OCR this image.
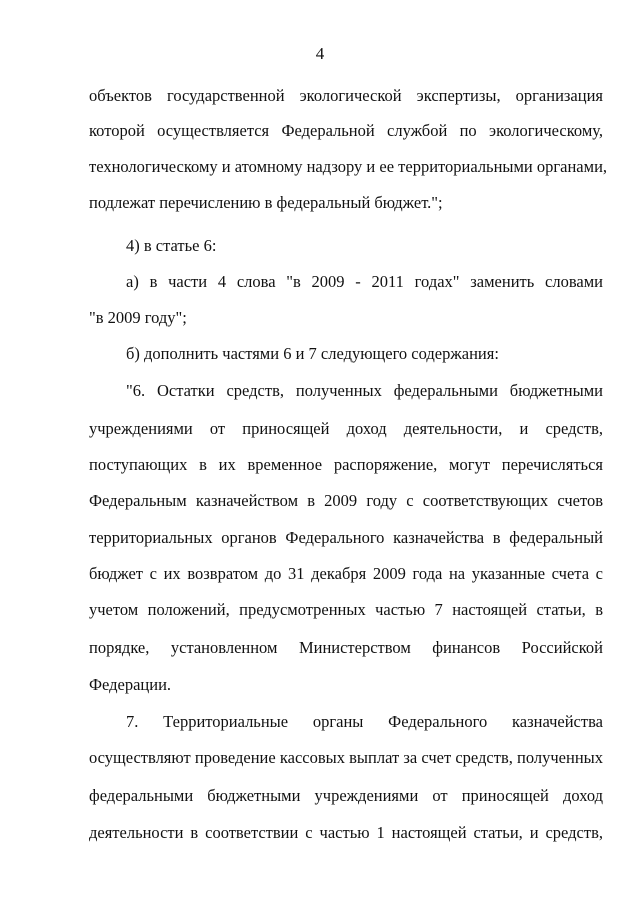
4
объектов государственной экологической экспертизы, организация
которой осуществляется Федеральной службой по экологическому,
технологическому и атомному надзору и ее территориальными органами,
подлежат перечислению в федеральный бюджет.";
4) в статье 6:
а) в части 4 слова "в 2009 - 2011 годах" заменить словами
"в 2009 году";
б) дополнить частями 6 и 7 следующего содержания:
"6. Остатки средств, полученных федеральными бюджетными
учреждениями от приносящей доход деятельности, и средств,
поступающих в их временное распоряжение, могут перечисляться
Федеральным казначейством в 2009 году с соответствующих счетов
территориальных органов Федерального казначейства в федеральный
бюджет с их возвратом до 31 декабря 2009 года на указанные счета с
учетом положений, предусмотренных частью 7 настоящей статьи, в
порядке, установленном Министерством финансов Российской
Федерации.
7. Территориальные органы Федерального казначейства
осуществляют проведение кассовых выплат за счет средств, полученных
федеральными бюджетными учреждениями от приносящей доход
деятельности в соответствии с частью 1 настоящей статьи, и средств,
